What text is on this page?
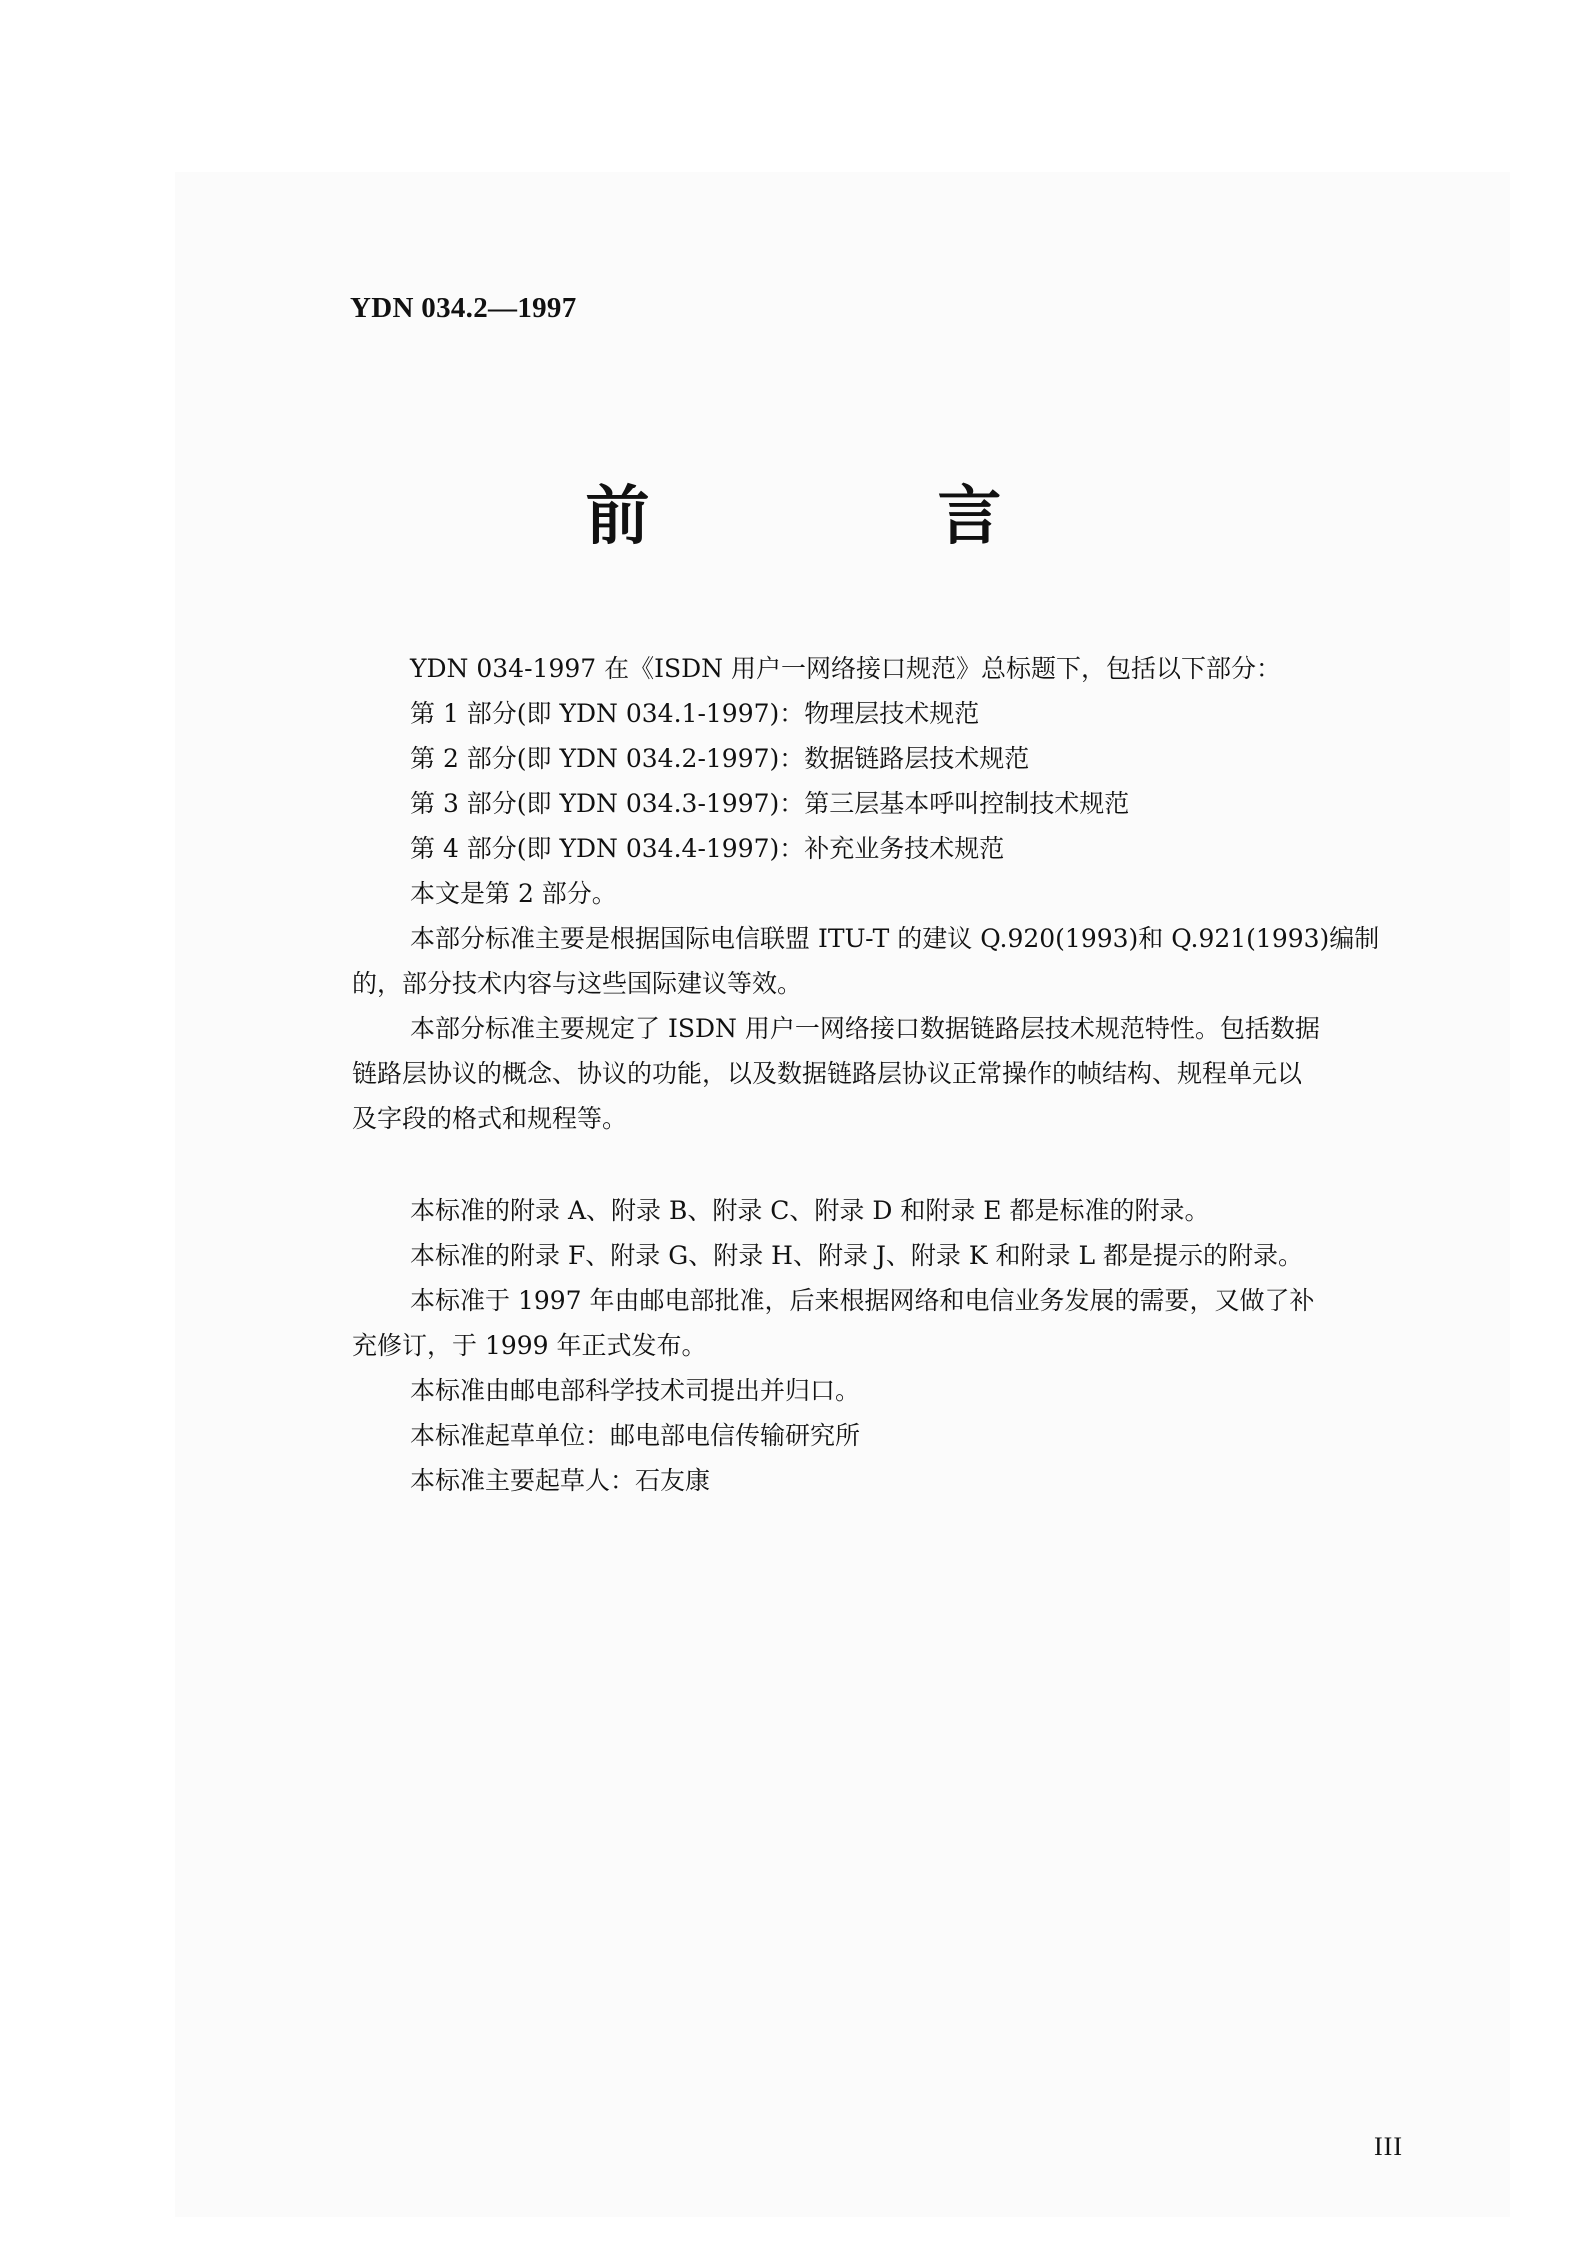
YDN 034.2—1997
前　言

YDN 034-1997 在《ISDN 用户一网络接口规范》总标题下，包括以下部分：

第 1 部分(即 YDN 034.1-1997)：物理层技术规范

第 2 部分(即 YDN 034.2-1997)：数据链路层技术规范

第 3 部分(即 YDN 034.3-1997)：第三层基本呼叫控制技术规范

第 4 部分(即 YDN 034.4-1997)：补充业务技术规范

本文是第 2 部分。

本部分标准主要是根据国际电信联盟 ITU-T 的建议 Q.920(1993)和 Q.921(1993)编制

的，部分技术内容与这些国际建议等效。

本部分标准主要规定了 ISDN 用户一网络接口数据链路层技术规范特性。包括数据

链路层协议的概念、协议的功能，以及数据链路层协议正常操作的帧结构、规程单元以

及字段的格式和规程等。

本标准的附录 A、附录 B、附录 C、附录 D 和附录 E 都是标准的附录。

本标准的附录 F、附录 G、附录 H、附录 J、附录 K 和附录 L 都是提示的附录。

本标准于 1997 年由邮电部批准，后来根据网络和电信业务发展的需要，又做了补

充修订，于 1999 年正式发布。

本标准由邮电部科学技术司提出并归口。

本标准起草单位：邮电部电信传输研究所

本标准主要起草人：石友康

III
